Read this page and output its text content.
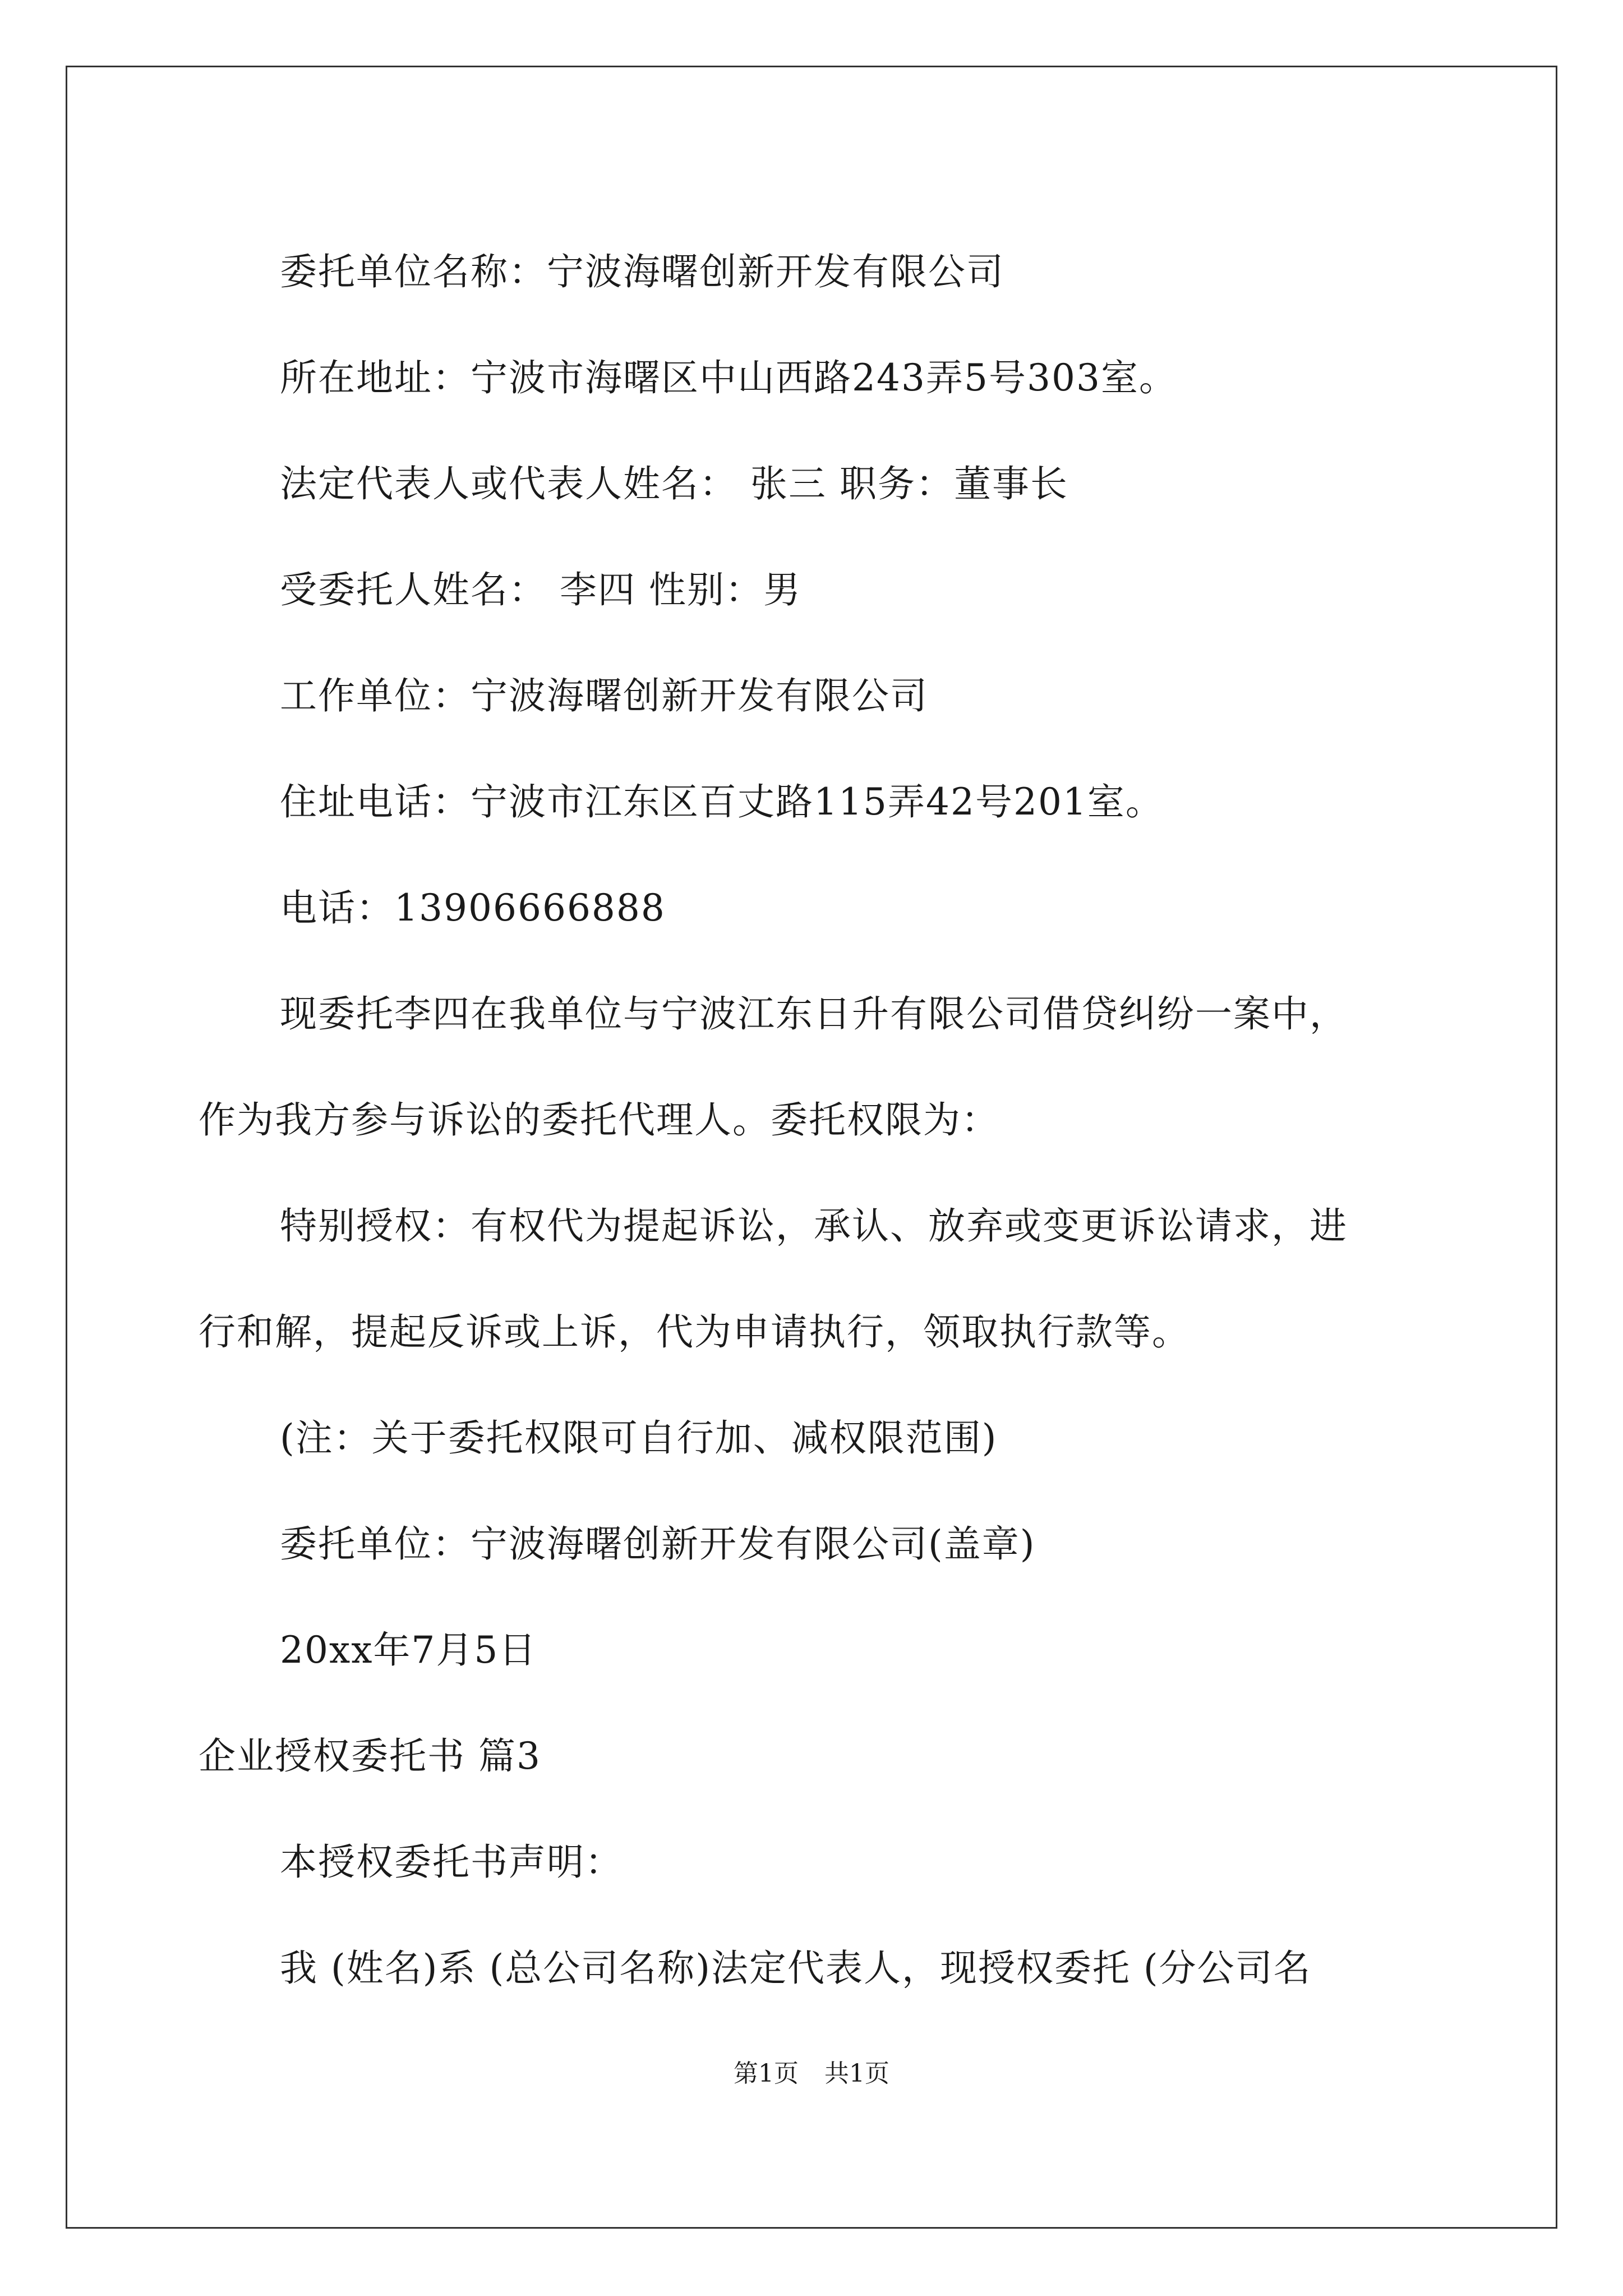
委托单位名称：宁波海曙创新开发有限公司
所在地址：宁波市海曙区中山西路243弄5号303室。
法定代表人或代表人姓名： 张三 职务：董事长
受委托人姓名： 李四 性别：男
工作单位：宁波海曙创新开发有限公司
住址电话：宁波市江东区百丈路115弄42号201室。
电话：13906666888
现委托李四在我单位与宁波江东日升有限公司借贷纠纷一案中，
作为我方参与诉讼的委托代理人。委托权限为：
特别授权：有权代为提起诉讼，承认、放弃或变更诉讼请求，进
行和解，提起反诉或上诉，代为申请执行，领取执行款等。
(注：关于委托权限可自行加、减权限范围)
委托单位：宁波海曙创新开发有限公司(盖章)
20xx年7月5日
企业授权委托书 篇3
本授权委托书声明：
我 (姓名)系 (总公司名称)法定代表人，现授权委托 (分公司名
第1页 共1页
